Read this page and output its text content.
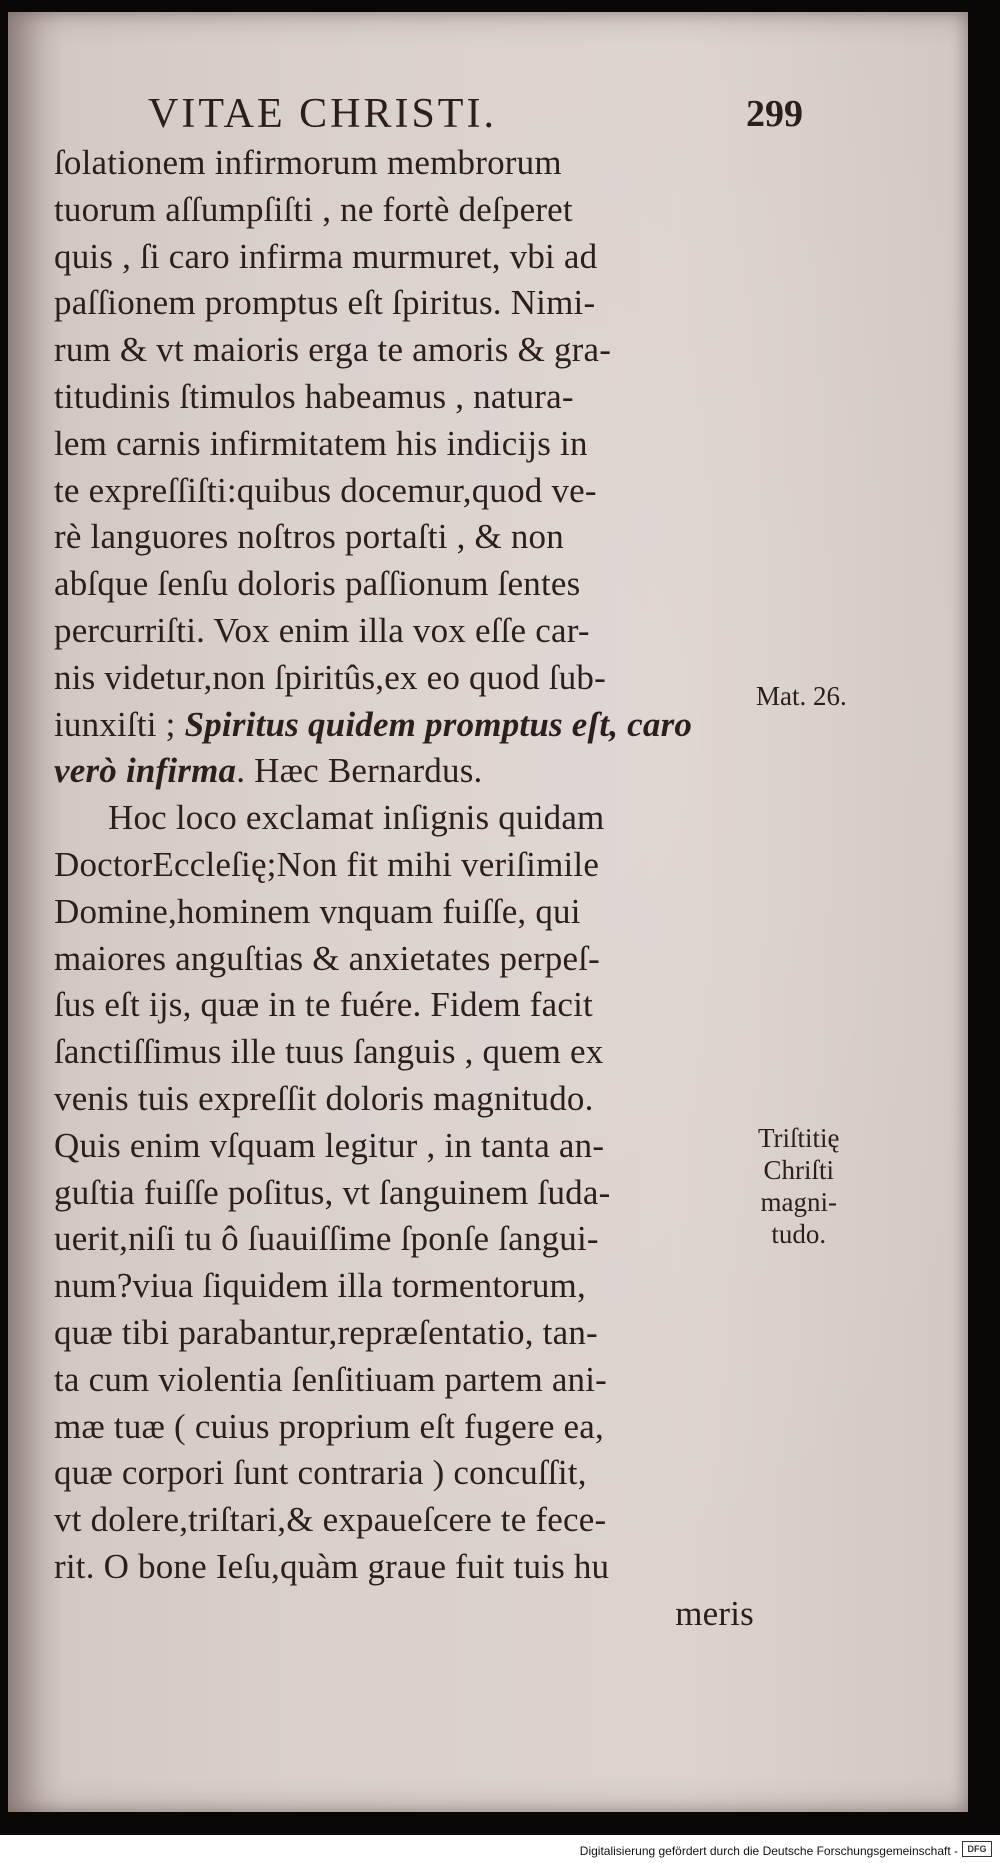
VITAE CHRISTI.	299
ſolationem infirmorum membrorum
tuorum aſſumpſiſti , ne fortè deſperet
quis , ſi caro infirma murmuret, vbi ad
paſſionem promptus eſt ſpiritus. Nimi-
rum & vt maioris erga te amoris & gra-
titudinis ſtimulos habeamus , natura-
lem carnis infirmitatem his indicijs in
te expreſſiſti:quibus docemur,quod ve-
rè languores noſtros portaſti , & non
abſque ſenſu doloris paſſionum ſentes
percurriſti. Vox enim illa vox eſſe car-
nis videtur,non ſpiritûs,ex eo quod ſub-
iunxiſti ; Spiritus quidem promptus eſt, caro
verò infirma. Hæc Bernardus.
Hoc loco exclamat inſignis quidam
DoctorEccleſię;Non fit mihi veriſimile
Domine,hominem vnquam fuiſſe, qui
maiores anguſtias & anxietates perpeſ-
ſus eſt ijs, quæ in te fuére. Fidem facit
ſanctiſſimus ille tuus ſanguis , quem ex
venis tuis expreſſit doloris magnitudo.
Quis enim vſquam legitur , in tanta an-
guſtia fuiſſe poſitus, vt ſanguinem ſuda-
uerit,niſi tu ô ſuauiſſime ſponſe ſangui-
num?viua ſiquidem illa tormentorum,
quæ tibi parabantur,repræſentatio, tan-
ta cum violentia ſenſitiuam partem ani-
mæ tuæ ( cuius proprium eſt fugere ea,
quæ corpori ſunt contraria ) concuſſit,
vt dolere,triſtari,& expaueſcere te fece-
rit. O bone Ieſu,quàm graue fuit tuis hu
meris
Mat. 26.
Triſtitię
Chriſti
magni-
tudo.
Digitalisierung gefördert durch die Deutsche Forschungsgemeinschaft -	DFG
